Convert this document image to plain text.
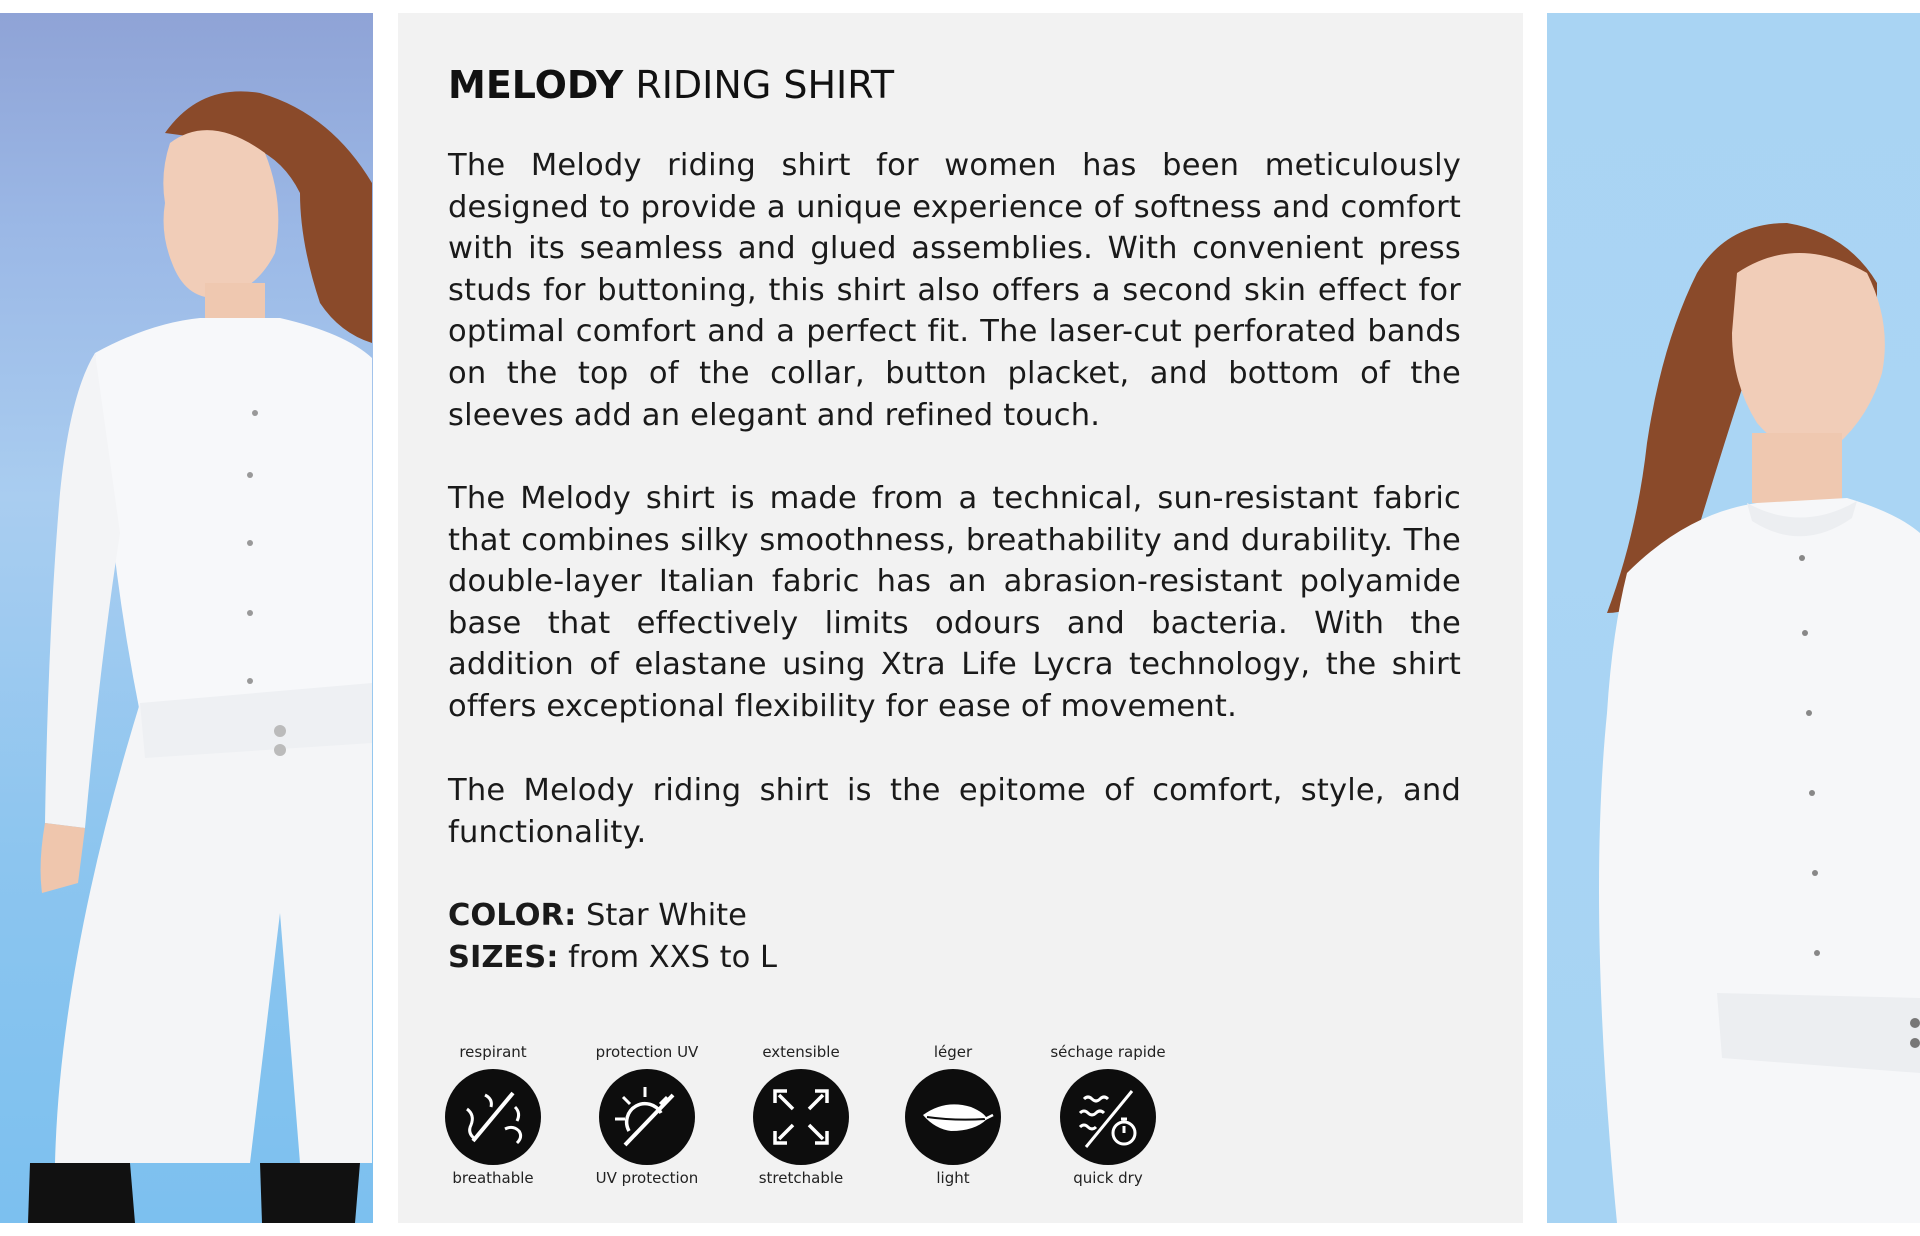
MELODY RIDING SHIRT
The Melody riding shirt for women has been meticulously designed to provide a unique experience of softness and comfort with its seamless and glued assemblies. With convenient press studs for buttoning, this shirt also offers a second skin effect for optimal comfort and a perfect fit. The laser-cut perforated bands on the top of the collar, button placket, and bottom of the sleeves add an elegant and refined touch.
The Melody shirt is made from a technical, sun-resistant fabric that combines silky smoothness, breathability and durability. The double-layer Italian fabric has an abrasion-resistant polyamide base that effectively limits odours and bacteria. With the addition of elastane using Xtra Life Lycra technology, the shirt offers exceptional flexibility for ease of movement.
The Melody riding shirt is the epitome of comfort, style, and functionality.
COLOR: Star White
SIZES: from XXS to L
respirant
breathable
protection UV
UV protection
extensible
stretchable
léger
light
séchage rapide
quick dry
